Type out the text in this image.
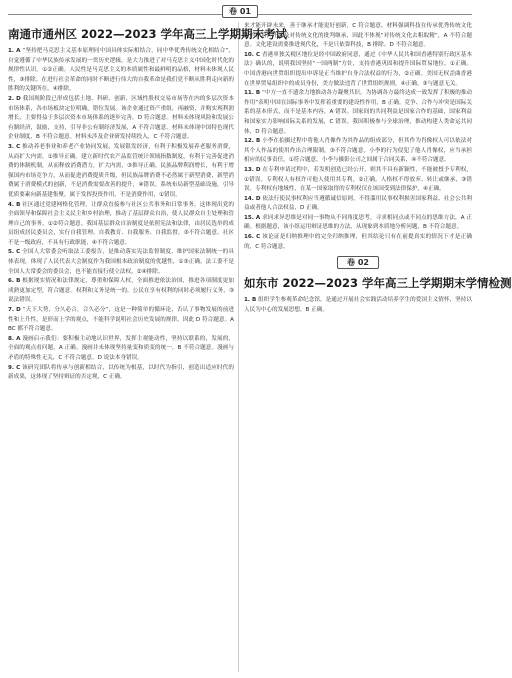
卷 01
南通市通州区 2022—2023 学年高三上学期期末考试

1. A “坚持把马克思主义基本原理同中国具体实际相结合，同中华优秀传统文化相结合”，自觉遵循了中华民族传承发展的一贯历史逻辑，是大力推进了对马克思主义中国化时代化的规律性认识。①②正确。人民性是马克思主义的本质属性和最鲜明的品格，材料未体现人民性，③排除。在进行社会革命的同时不断进行伟大的自我革命是我们党不断从胜利走向新的胜利的关键所在，④排除。

2. D 我国现阶段已形成包括土地、科研、创新、区域性股权交易市场等在内的多层次资本市场体系，各市场板块定位明确，错位发展。该企业通过资产重组，再融资，并购实现利润增长，主要得益于多层次资本市场体系的逐步完善，D 符合题意。材料未体现风险和发展公有制经济，鼓励，支持，引导非公有制经济发展，A 不符合题意。材料未体现中国特色现代企业制度，B 不符合题意。材料未涉及企业研发持续投入，C 不符合题意。

3. C 推动养老事业和养老产业协同发展，发展银发经济，有利于积极发展养老服务消费，从而扩大内需，①推导正确。建立新时代农产品监管统计领域指数制度，有利于完善促进消费的体制机制，从而释放消费潜力，扩大内需，③推导正确。民族品牌利润增长，有利于增强国内市场竞争力，从而促进消费提质升级，但民族品牌消费不必然属于新型消费，新型消费属于消费模式的创新，不是消费需要改善的提升，④错误。系统布局新型基础设施，引导优质要素向新基建集聚，属于发挥投资作用，不是消费作用，①错误。

4. B 社区通过党建网格化管理，让群众直接参与社区公共事务和日常事务，这体现出党的全面领导和保障社会主义民主和乡村治理，推动了基层群众自治，使人民群众自主处理和管理自己的事务，①②符合题意。我国基层群众自治制度是依照宪法和法律，由居民选举的成员组成居民委员会，实行自我管理、自我教育、自我服务、自我监督，③不符合题意。社区不是一级政府，不具有行政职能，④不符合题意。

5. C 全国人大常委会听取法工委报告，是推动落实宪法监督制度，维护国家法制统一的具体表现，体现了人民代表大会制度作为我国根本政治制度的优越性，①③正确。法工委不是全国人大常委会的委员会，也不能直接行使立法权，②④排除。

6. B 根据现实情况和法律规定，尊重和保障人权，全面推进依法治国，推进各项制度更加成熟更加定型，符合题意。权利和义务是统一的，公民在享有权利的同时必须履行义务，③说法错误。

7. D “天下大势，分久必合，合久必分”，这是一种简单的循环论，否认了事物发展的前进性和上升性，是形而上学的观点，不能科学说明社会历史发展的规律，因此 D 符合题意。ABC 都不符合题意。

8. A 漫画启示我们：要积极主动地认识世界，发挥主观能动性，坚持以联系的，发展的，全面的观点看问题，A 正确。漫画并未体现坚持量变和质变的统一，B 不符合题意。漫画与矛盾的特殊性无关，C 不符合题意。D 说法本身错误。

9. C 该研究团队将传承与创新相结合，以传统为根基，以时代为指引，创造出适应时代的新成果，这体现了坚持辩证的否定观，C 正确。

来才能开辟未来，善于继承才能更好创新，C 符合题意。材料强调科技在传承优秀传统文化中的作用，不涉及对传统文化的批判继承，因此不体现“对传统文化去粗取精”，A 不符合题意。文化建设需要推进现代化，不是只依靠科技，B 排除。D 不符合题意。

10. C 香港单独关税区地位是经中国政府同意，通过《中华人民共和国香港特别行政区基本法》确认的，说明我国坚持“一国两制”方针，支持香港巩固和提升国际贸易地位，①正确。中国香港向世贸组织提出申诉是正当维护自身合法权益的行为，②正确。美国无权歪曲香港在世界贸易组织中的成员身份，美方做法违背了世贸组织规则，④正确。③与题意无关。

11. B “中方一直不遗余力地推动各方凝聚共识，为协调各方最终达成一致发挥了积极的推动作用”表明中国在国际事务中发挥着重要的建设性作用，B 正确。竞争、合作与冲突是国际关系的基本形式，而不是基本内容，A 错误。国家间的共同利益是国家合作的基础，国家利益和国家实力影响国际关系的发展，C 错误。我国积极参与全球治理，推动构建人类命运共同体，D 符合题意。

12. B 小李在拍摄过程中将他人肖像作为其作品的组成部分，但其作为肖像权人可以依法对其个人作品的使用作出合理限制，③不符合题意。小李的行为侵犯了他人肖像权，应当承担相应的民事责任，①符合题意。小李与摄影公司之间属于合同关系，④不符合题意。

13. D 在专利申请过程中，若发明创造已经公开，则其不具有新颖性，不能被授予专利权，①错误。专利权人有权许可他人使用其专利，②正确。人格权不得放弃、转让或继承，③错误。专利权有地域性，在某一国家取得的专利权仅在该国受到法律保护，④正确。

14. D 依法行使民事权利应当遵循诚信原则，不得滥用民事权利损害国家利益、社会公共利益或者他人合法权益，D 正确。

15. A 求同求异思维是对同一事物从不同角度思考，寻求相同点或不同点的思维方法，A 正确。根据题意，该小组运用辩证思维的方法，从现象到本质地分析问题，B 不符合题意。

16. C 该论证是归纳推理中的完全归纳推理，但其结论只有在前提真实的情况下才是正确的，C 符合题意。

卷 02
如东市 2022—2023 学年高三上学期期末学情检测

1. B 组织学生参观革命纪念馆，是通过开展社会实践活动培养学生的爱国主义情怀，坚持以人民为中心的发展思想，B 正确。
